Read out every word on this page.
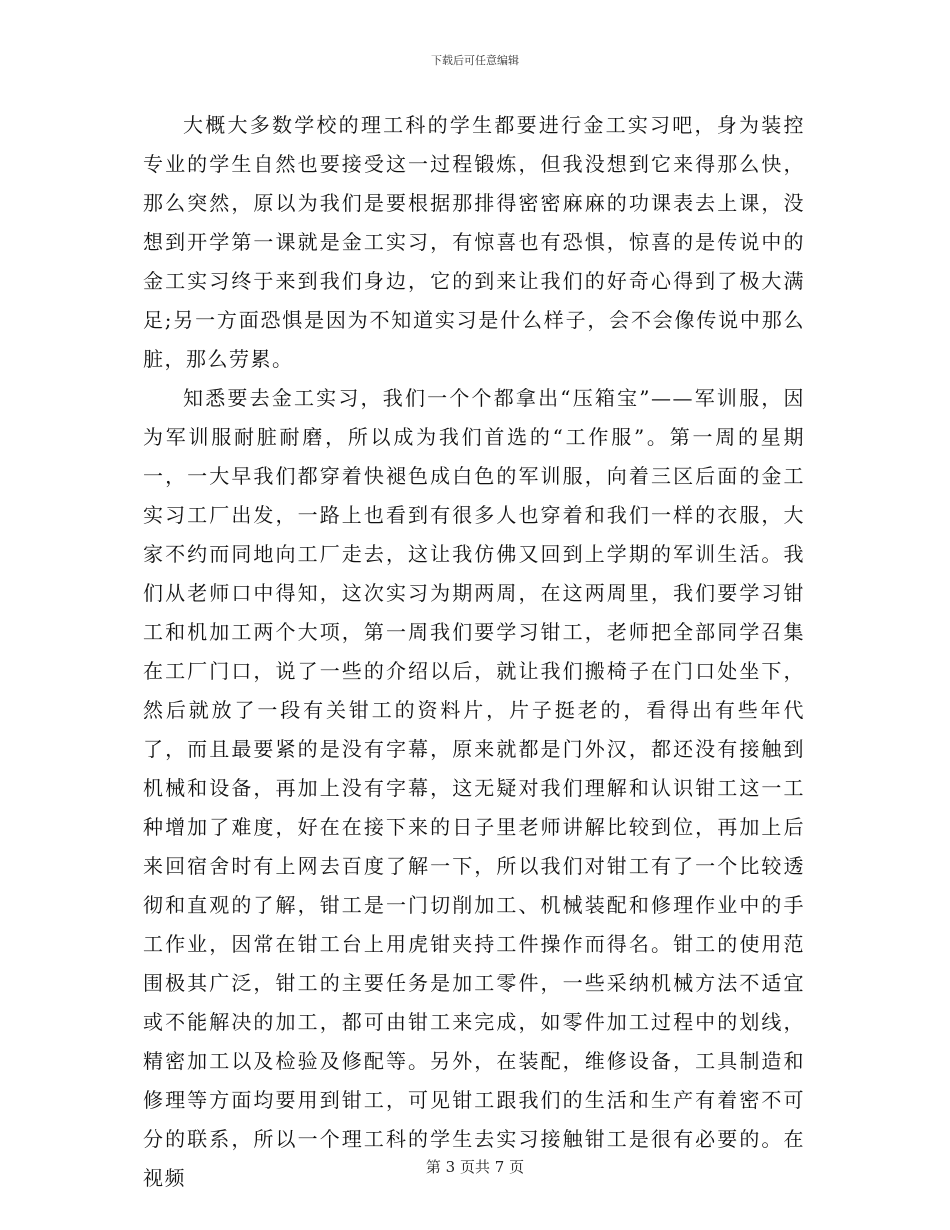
下载后可任意编辑

大概大多数学校的理工科的学生都要进行金工实习吧，身为装控专业的学生自然也要接受这一过程锻炼，但我没想到它来得那么快，那么突然，原以为我们是要根据那排得密密麻麻的功课表去上课，没想到开学第一课就是金工实习，有惊喜也有恐惧，惊喜的是传说中的金工实习终于来到我们身边，它的到来让我们的好奇心得到了极大满足;另一方面恐惧是因为不知道实习是什么样子，会不会像传说中那么脏，那么劳累。

知悉要去金工实习，我们一个个都拿出“压箱宝”——军训服，因为军训服耐脏耐磨，所以成为我们首选的“工作服”。第一周的星期一，一大早我们都穿着快褪色成白色的军训服，向着三区后面的金工实习工厂出发，一路上也看到有很多人也穿着和我们一样的衣服，大家不约而同地向工厂走去，这让我仿佛又回到上学期的军训生活。我们从老师口中得知，这次实习为期两周，在这两周里，我们要学习钳工和机加工两个大项，第一周我们要学习钳工，老师把全部同学召集在工厂门口，说了一些的介绍以后，就让我们搬椅子在门口处坐下，然后就放了一段有关钳工的资料片，片子挺老的，看得出有些年代了，而且最要紧的是没有字幕，原来就都是门外汉，都还没有接触到机械和设备，再加上没有字幕，这无疑对我们理解和认识钳工这一工种增加了难度，好在在接下来的日子里老师讲解比较到位，再加上后来回宿舍时有上网去百度了解一下，所以我们对钳工有了一个比较透彻和直观的了解，钳工是一门切削加工、机械装配和修理作业中的手工作业，因常在钳工台上用虎钳夹持工件操作而得名。钳工的使用范围极其广泛，钳工的主要任务是加工零件，一些采纳机械方法不适宜或不能解决的加工，都可由钳工来完成，如零件加工过程中的划线，精密加工以及检验及修配等。另外，在装配，维修设备，工具制造和修理等方面均要用到钳工，可见钳工跟我们的生活和生产有着密不可分的联系，所以一个理工科的学生去实习接触钳工是很有必要的。在视频	第 3 页共 7 页
